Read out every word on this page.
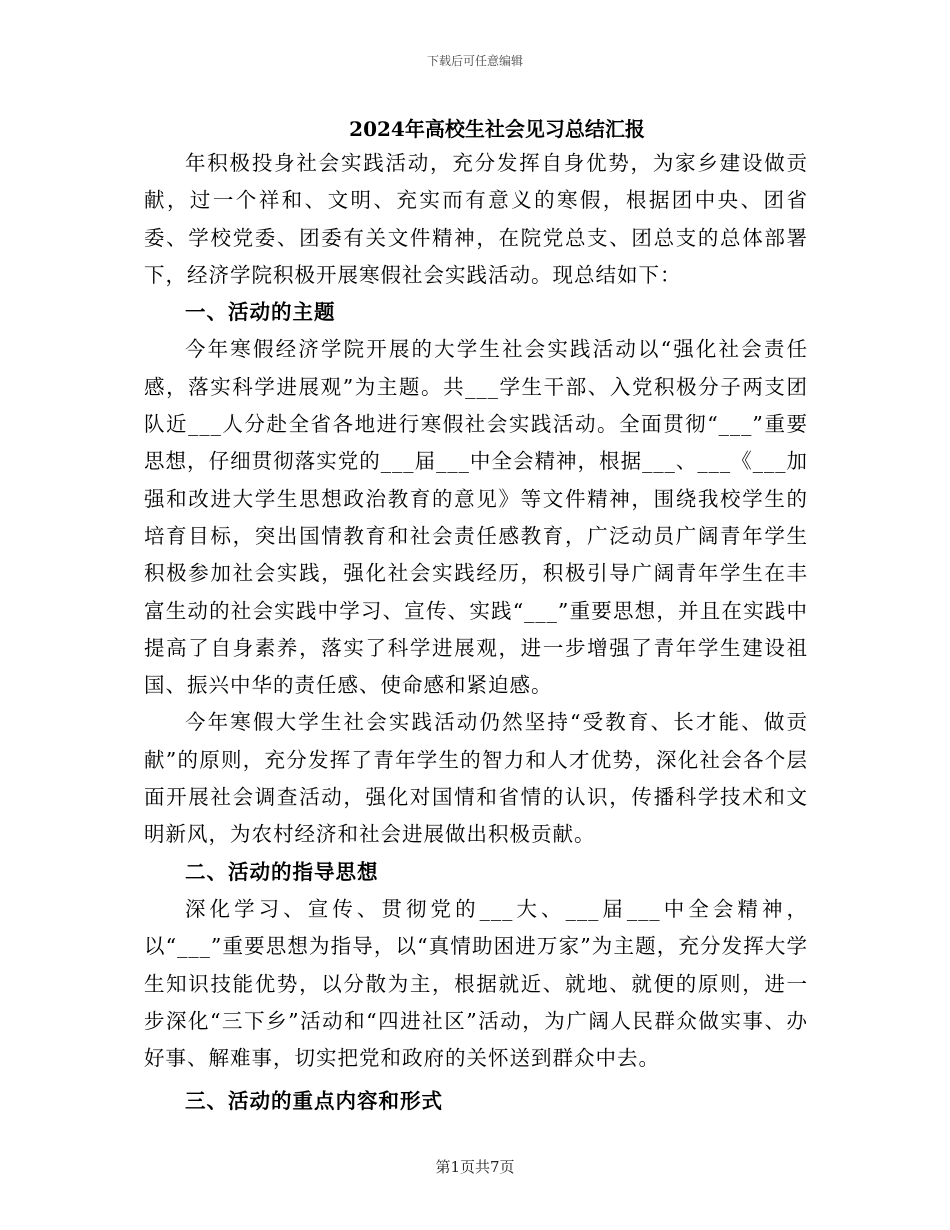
下载后可任意编辑
2024年高校生社会见习总结汇报

年积极投身社会实践活动，充分发挥自身优势，为家乡建设做贡献，过一个祥和、文明、充实而有意义的寒假，根据团中央、团省委、学校党委、团委有关文件精神，在院党总支、团总支的总体部署下，经济学院积极开展寒假社会实践活动。现总结如下：

一、活动的主题

今年寒假经济学院开展的大学生社会实践活动以“强化社会责任感，落实科学进展观”为主题。共___学生干部、入党积极分子两支团队近___人分赴全省各地进行寒假社会实践活动。全面贯彻“___”重要思想，仔细贯彻落实党的___届___中全会精神，根据___、___《___加强和改进大学生思想政治教育的意见》等文件精神，围绕我校学生的培育目标，突出国情教育和社会责任感教育，广泛动员广阔青年学生积极参加社会实践，强化社会实践经历，积极引导广阔青年学生在丰富生动的社会实践中学习、宣传、实践“___”重要思想，并且在实践中提高了自身素养，落实了科学进展观，进一步增强了青年学生建设祖国、振兴中华的责任感、使命感和紧迫感。

今年寒假大学生社会实践活动仍然坚持“受教育、长才能、做贡献”的原则，充分发挥了青年学生的智力和人才优势，深化社会各个层面开展社会调查活动，强化对国情和省情的认识，传播科学技术和文明新风，为农村经济和社会进展做出积极贡献。

二、活动的指导思想

深化学习、宣传、贯彻党的___大、___届___中全会精神，以“___”重要思想为指导，以“真情助困进万家”为主题，充分发挥大学生知识技能优势，以分散为主，根据就近、就地、就便的原则，进一步深化“三下乡”活动和“四进社区”活动，为广阔人民群众做实事、办好事、解难事，切实把党和政府的关怀送到群众中去。

三、活动的重点内容和形式

第1页共7页
